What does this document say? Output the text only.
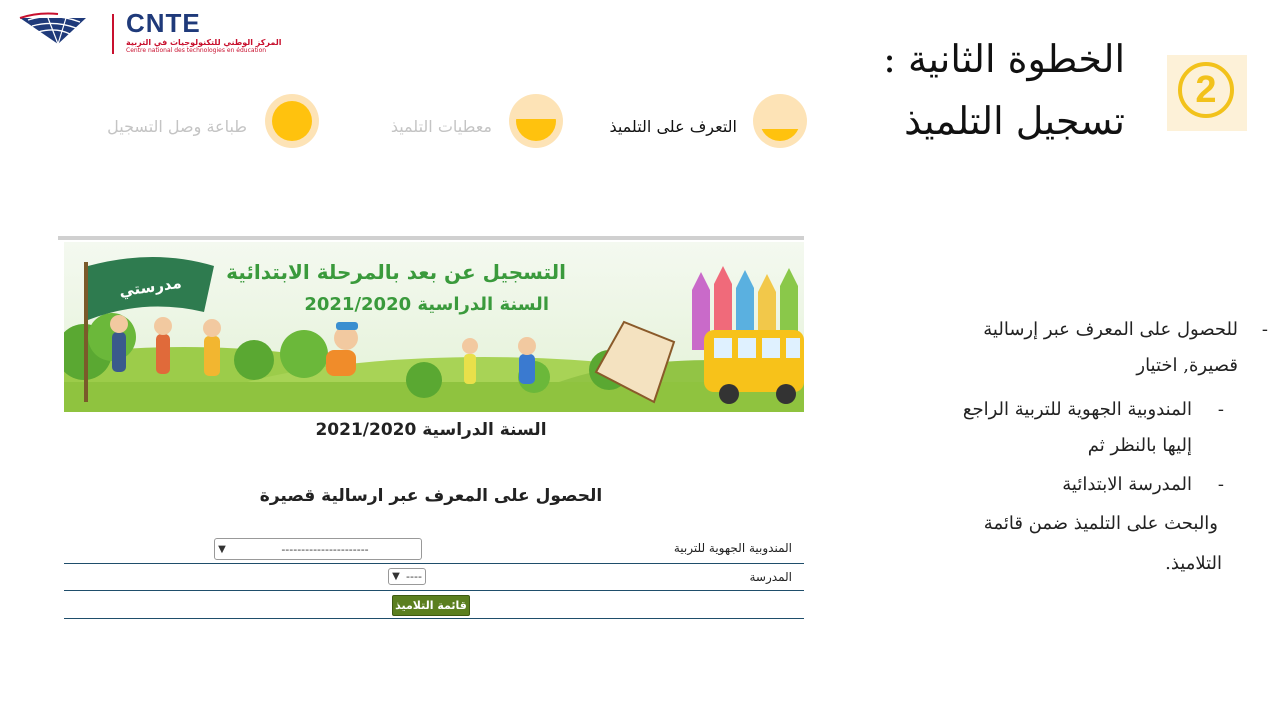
CNTE
المركز الوطني للتكنولوجيات في التربية
Centre national des technologies en éducation
2
الخطوة الثانية :
تسجيل التلميذ
التعرف على التلميذ
معطيات التلميذ
طباعة وصل التسجيل
مدرستي
التسجيل عن بعد بالمرحلة الابتدائية
السنة الدراسية 2021/2020
السنة الدراسية 2021/2020
الحصول على المعرف عبر ارسالية قصيرة
المندوبية الجهوية للتربية
▼	----------------------
المدرسة
▼ ----
قائمة التلاميذ
-
للحصول على المعرف عبر إرسالية
قصيرة, اختيار
-
المندوبية الجهوية للتربية الراجع
إليها بالنظر ثم
-
المدرسة الابتدائية
والبحث على التلميذ ضمن قائمة
التلاميذ.
